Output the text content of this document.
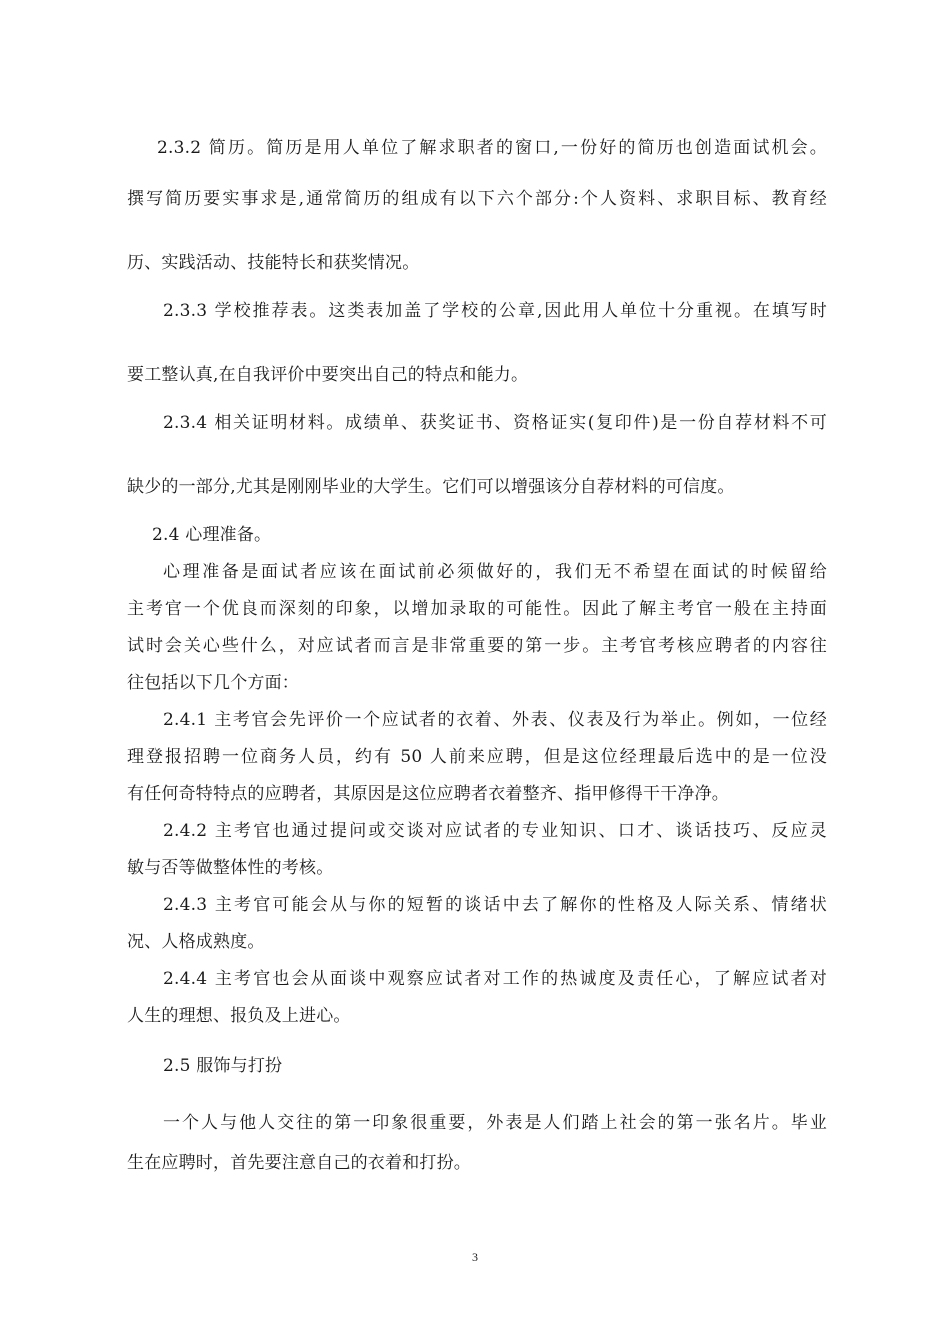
2.3.2 简历。简历是用人单位了解求职者的窗口,一份好的简历也创造面试机会。
撰写简历要实事求是,通常简历的组成有以下六个部分:个人资料、求职目标、教育经
历、实践活动、技能特长和获奖情况。
2.3.3 学校推荐表。这类表加盖了学校的公章,因此用人单位十分重视。在填写时
要工整认真,在自我评价中要突出自己的特点和能力。
2.3.4 相关证明材料。成绩单、获奖证书、资格证实(复印件)是一份自荐材料不可
缺少的一部分,尤其是刚刚毕业的大学生。它们可以增强该分自荐材料的可信度。
2.4 心理准备。
心理准备是面试者应该在面试前必须做好的，我们无不希望在面试的时候留给
主考官一个优良而深刻的印象，以增加录取的可能性。因此了解主考官一般在主持面
试时会关心些什么，对应试者而言是非常重要的第一步。主考官考核应聘者的内容往
往包括以下几个方面：
2.4.1 主考官会先评价一个应试者的衣着、外表、仪表及行为举止。例如，一位经
理登报招聘一位商务人员，约有 50 人前来应聘，但是这位经理最后选中的是一位没
有任何奇特特点的应聘者，其原因是这位应聘者衣着整齐、指甲修得干干净净。
2.4.2 主考官也通过提问或交谈对应试者的专业知识、口才、谈话技巧、反应灵
敏与否等做整体性的考核。
2.4.3 主考官可能会从与你的短暂的谈话中去了解你的性格及人际关系、情绪状
况、人格成熟度。
2.4.4 主考官也会从面谈中观察应试者对工作的热诚度及责任心，了解应试者对
人生的理想、报负及上进心。
2.5 服饰与打扮
一个人与他人交往的第一印象很重要，外表是人们踏上社会的第一张名片。毕业
生在应聘时，首先要注意自己的衣着和打扮。
3
